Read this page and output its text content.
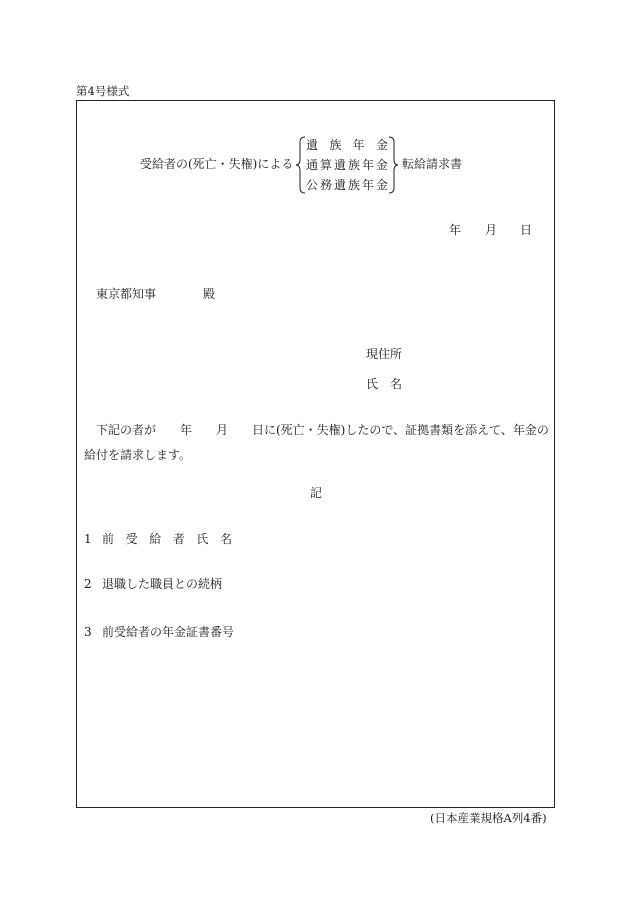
第4号様式
受給者の(死亡・失権)による
遺 族 年 金
通 算 遺 族 年 金
公 務 遺 族 年 金
転給請求書
年 月 日
東京都知事	殿
現住所
氏　名
下記の者が　　年　　月　　日に(死亡・失権)したので、証拠書類を添えて、年金の
給付を請求します。
記
1 前 受 給 者 氏 名
2 退職した職員との続柄
3 前受給者の年金証書番号
(日本産業規格A列4番)
